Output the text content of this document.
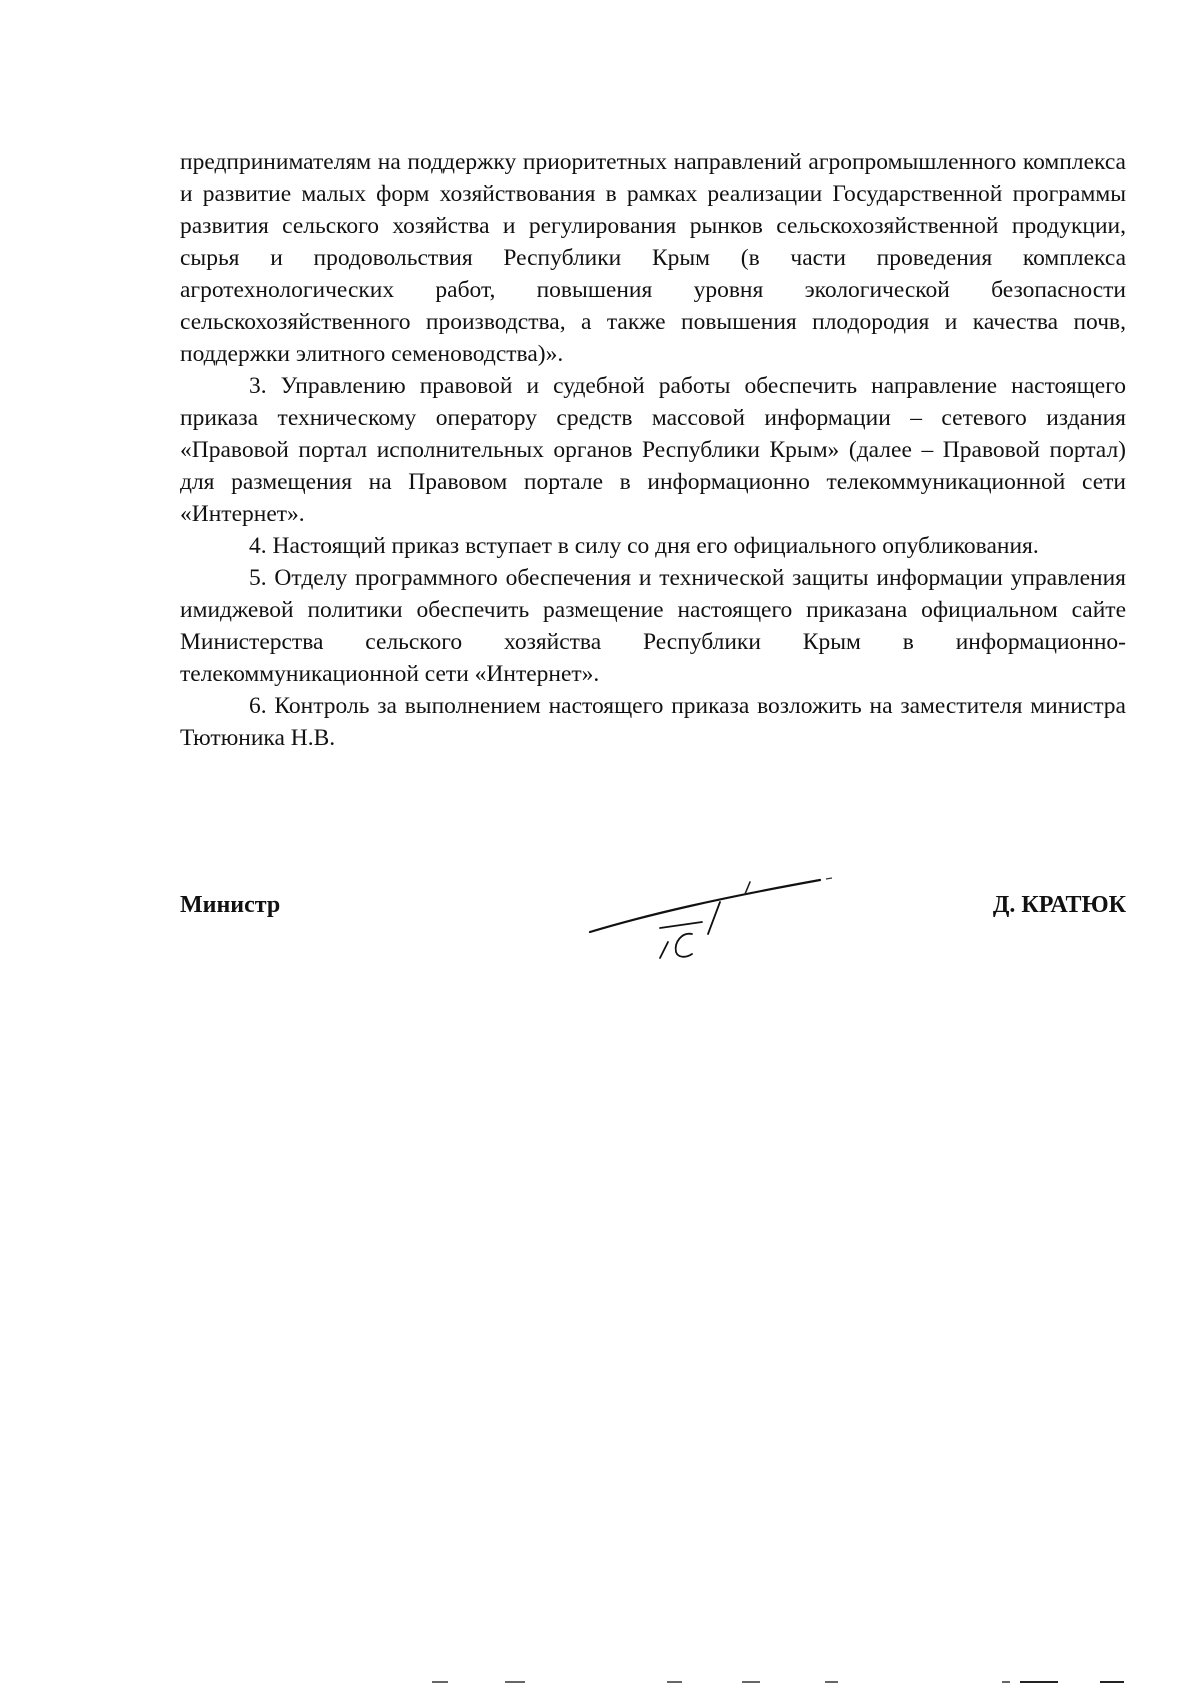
предпринимателям на поддержку приоритетных направлений агропромышленного комплекса и развитие малых форм хозяйствования в рамках реализации Государственной программы развития сельского хозяйства и регулирования рынков сельскохозяйственной продукции, сырья и продовольствия Республики Крым (в части проведения комплекса агротехнологических работ, повышения уровня экологической безопасности сельскохозяйственного производства, а также повышения плодородия и качества почв, поддержки элитного семеноводства)».

3. Управлению правовой и судебной работы обеспечить направление настоящего приказа техническому оператору средств массовой информации – сетевого издания «Правовой портал исполнительных органов Республики Крым» (далее – Правовой портал) для размещения на Правовом портале в информационно телекоммуникационной сети «Интернет».

4. Настоящий приказ вступает в силу со дня его официального опубликования.

5. Отделу программного обеспечения и технической защиты информации управления имиджевой политики обеспечить размещение настоящего приказана официальном сайте Министерства сельского хозяйства Республики Крым в информационно-телекоммуникационной сети «Интернет».

6. Контроль за выполнением настоящего приказа возложить на заместителя министра Тютюника Н.В.

Министр	Д. КРАТЮК
